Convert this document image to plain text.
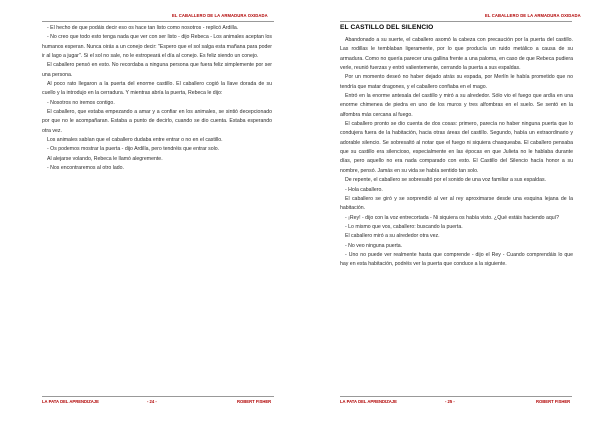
EL CABALLERO DE LA ARMADURA OXIDADA

- El hecho de que podáis decir eso os hace tan listo como nosotros - replicó Ardilla.

- No creo que todo esto tenga nada que ver con ser listo - dijo Rebeca - Los animales aceptan los humanos esperan. Nunca oirás a un conejo decir: "Espero que el sol salga esta mañana para poder ir al lago a jugar". Si el sol no sale, no le estropeará el día al conejo. Es feliz siendo un conejo.

El caballero pensó en esto. No recordaba a ninguna persona que fuera feliz simplemente por ser una persona.

Al poco rato llegaron a la puerta del enorme castillo. El caballero cogió la llave dorada de su cuello y la introdujo en la cerradura. Y mientras abría la puerta, Rebeca le dijo:

- Nosotros no iremos contigo.

El caballero, que estaba empezando a amar y a confiar en los animales, se sintió decepcionado por que no le acompañaran. Estaba a punto de decirlo, cuando se dio cuenta. Estaba esperando otra vez.

Los animales sabían que el caballero dudaba entre entrar o no en el castillo.

- Os podemos mostrar la puerta - dijo Ardilla, pero tendréis que entrar solo.

Al alejarse volando, Rebeca le llamó alegremente.

- Nos encontraremos al otro lado.

LA PATA DEL APRENDIZAJE	- 24 -	ROBERT FISHER
EL CABALLERO DE LA ARMADURA OXIDADA
EL CASTILLO DEL SILENCIO

Abandonado a su suerte, el caballero asomó la cabeza con precaución por la puerta del castillo. Las rodillas le temblaban ligeramente, por lo que producía un ruido metálico a causa de su armadura. Como no quería parecer una gallina frente a una paloma, en caso de que Rebeca pudiera verle, reunió fuerzas y entró valientemente, cerrando la puerta a sus espaldas.

Por un momento deseó no haber dejado atrás su espada, por Merlín le había prometido que no tendría que matar dragones, y el caballero confiaba en el mago.

Entró en la enorme antesala del castillo y miró a su alrededor. Sólo vio el fuego que ardía en una enorme chimenea de piedra en uno de los muros y tres alfombras en el suelo. Se sentó en la alfombra más cercana al fuego.

El caballero pronto se dio cuenta de dos cosas: primero, parecía no haber ninguna puerta que lo condujera fuera de la habitación, hacia otras áreas del castillo. Segundo, había un extraordinario y adorable silencio. Se sobresaltó al notar que el fuego ni siquiera chasqueaba. El caballero pensaba que su castillo era silencioso, especialmente en las épocas en que Julieta no le hablaba durante días, pero aquello no era nada comparado con esto. El Castillo del Silencio hacía honor a su nombre, pensó. Jamás en su vida se había sentido tan solo.

De repente, el caballero se sobresaltó por el sonido de una voz familiar a sus espaldas.

- Hola caballero.

El caballero se giró y se sorprendió al ver al rey aproximarse desde una esquina lejana de la habitación.

- ¡Rey! - dijo con la voz entrecortada - Ni siquiera os había visto. ¿Qué estáis haciendo aquí?

- Lo mismo que vos, caballero: buscando la puerta.

El caballero miró a su alrededor otra vez.

- No veo ninguna puerta.

- Uno no puede ver realmente hasta que comprende - dijo el Rey - Cuando comprendáis lo que hay en esta habitación, podréis ver la puerta que conduce a la siguiente.

LA PATA DEL APRENDIZAJE	- 25 -	ROBERT FISHER
